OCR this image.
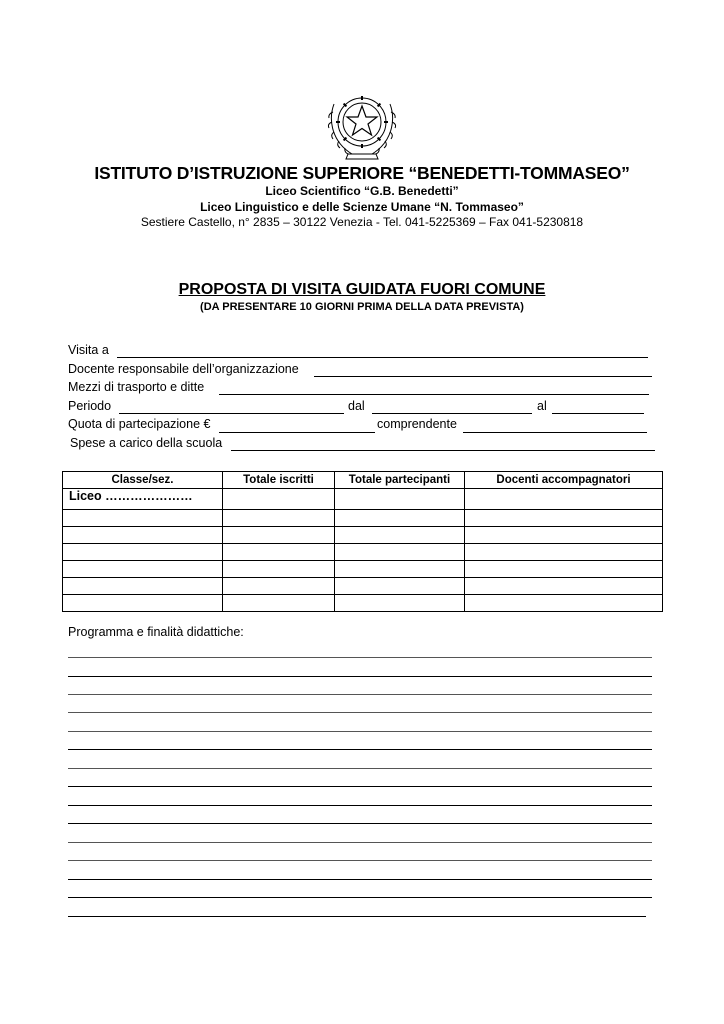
ISTITUTO D’ISTRUZIONE SUPERIORE “BENEDETTI-TOMMASEO”
Liceo Scientifico “G.B. Benedetti”
Liceo Linguistico e delle Scienze Umane “N. Tommaseo”
Sestiere Castello, n° 2835 – 30122 Venezia - Tel. 041-5225369 – Fax 041-5230818
PROPOSTA DI VISITA GUIDATA FUORI COMUNE
(DA PRESENTARE 10 GIORNI PRIMA DELLA DATA PREVISTA)
Visita a
Docente responsabile dell’organizzazione
Mezzi di trasporto e ditte
Periodo	dal	al
Quota di partecipazione €	comprendente
Spese a carico della scuola
Classe/sez.	Totale iscritti	Totale partecipanti	Docenti accompagnatori
Liceo …………………			

Programma e finalità didattiche:
